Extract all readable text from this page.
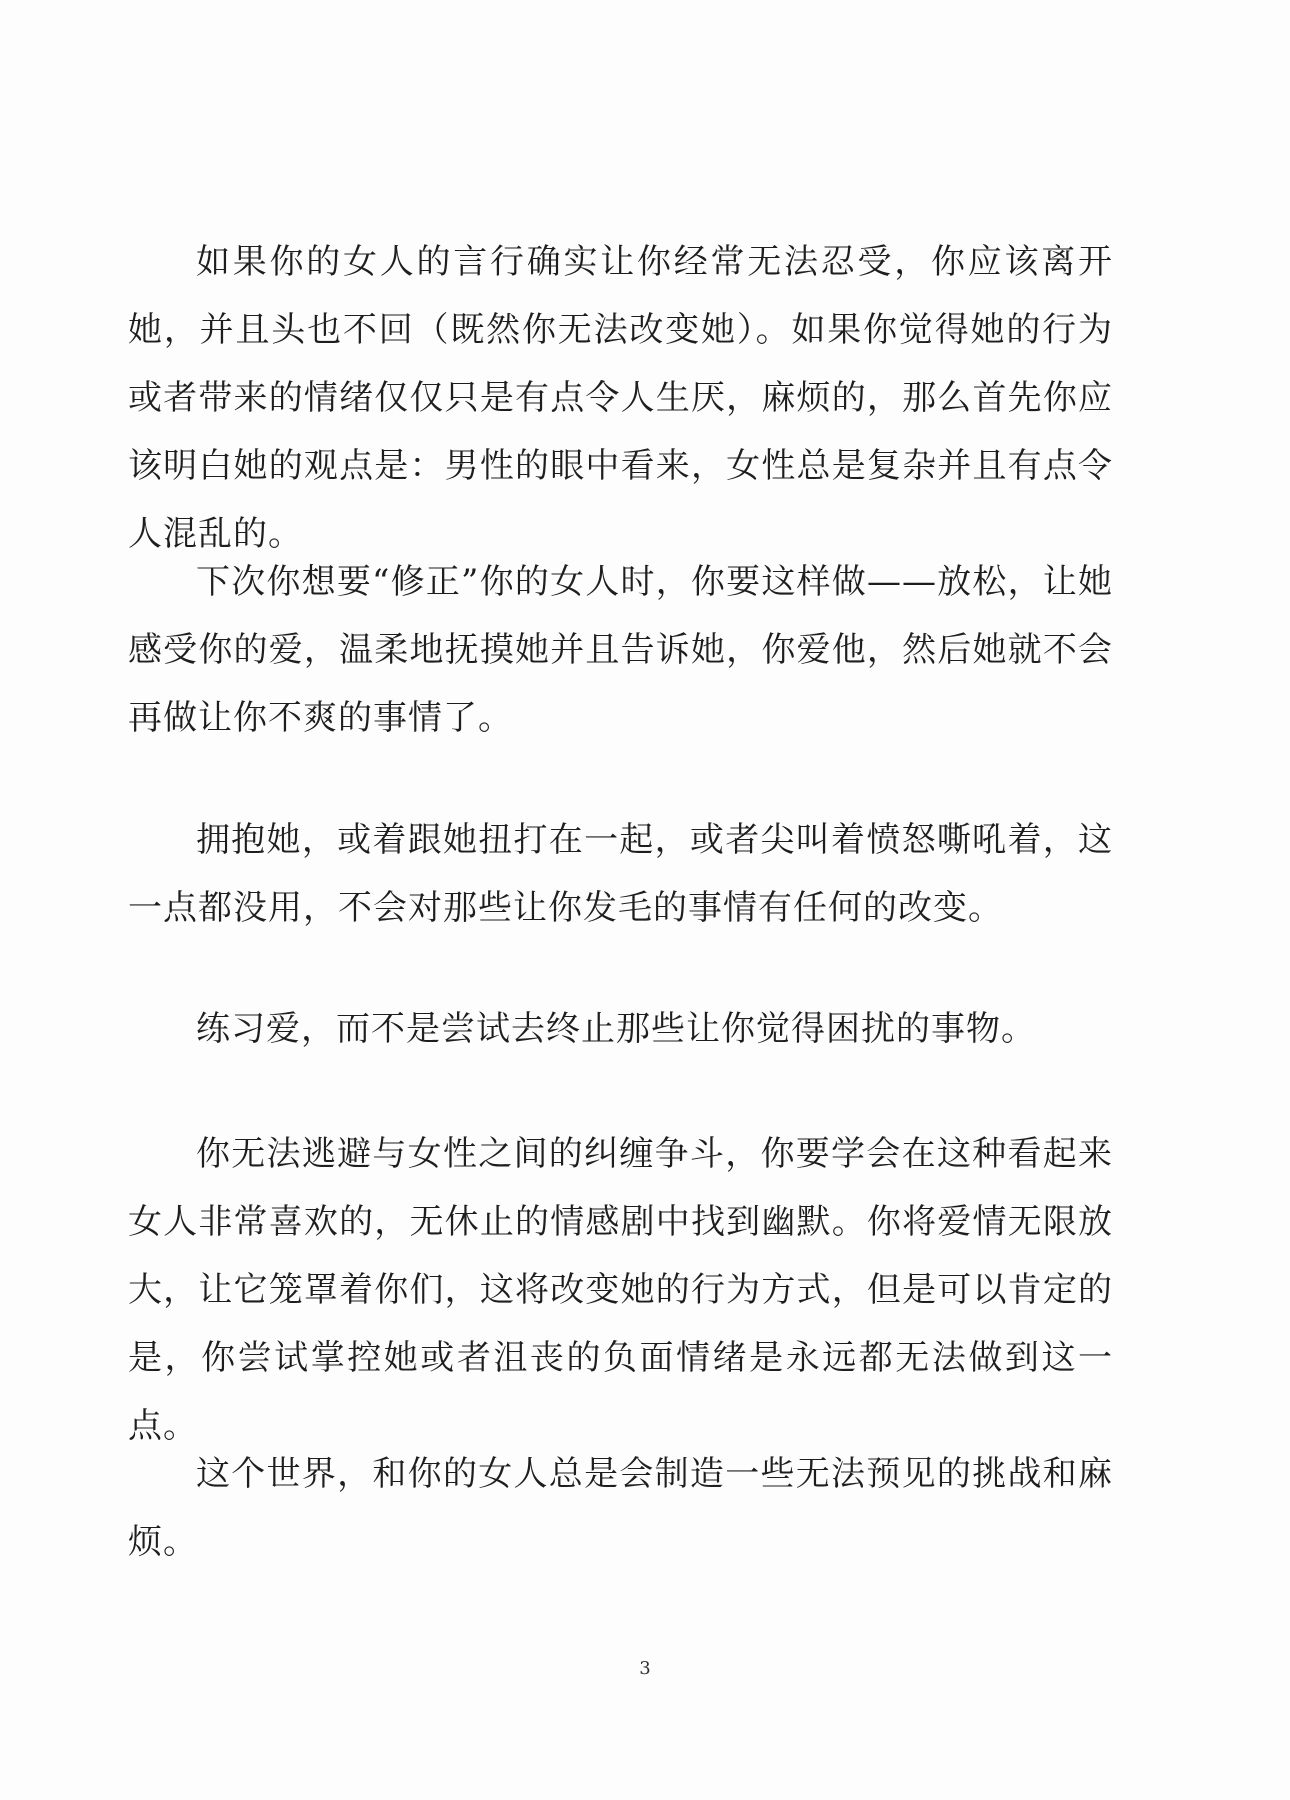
如果你的女人的言行确实让你经常无法忍受，你应该离开她，并且头也不回（既然你无法改变她）。如果你觉得她的行为或者带来的情绪仅仅只是有点令人生厌，麻烦的，那么首先你应该明白她的观点是：男性的眼中看来，女性总是复杂并且有点令人混乱的。

下次你想要“修正”你的女人时，你要这样做——放松，让她感受你的爱，温柔地抚摸她并且告诉她，你爱他，然后她就不会再做让你不爽的事情了。

拥抱她，或着跟她扭打在一起，或者尖叫着愤怒嘶吼着，这一点都没用，不会对那些让你发毛的事情有任何的改变。

练习爱，而不是尝试去终止那些让你觉得困扰的事物。

你无法逃避与女性之间的纠缠争斗，你要学会在这种看起来女人非常喜欢的，无休止的情感剧中找到幽默。你将爱情无限放大，让它笼罩着你们，这将改变她的行为方式，但是可以肯定的是，你尝试掌控她或者沮丧的负面情绪是永远都无法做到这一点。

这个世界，和你的女人总是会制造一些无法预见的挑战和麻烦。

3
